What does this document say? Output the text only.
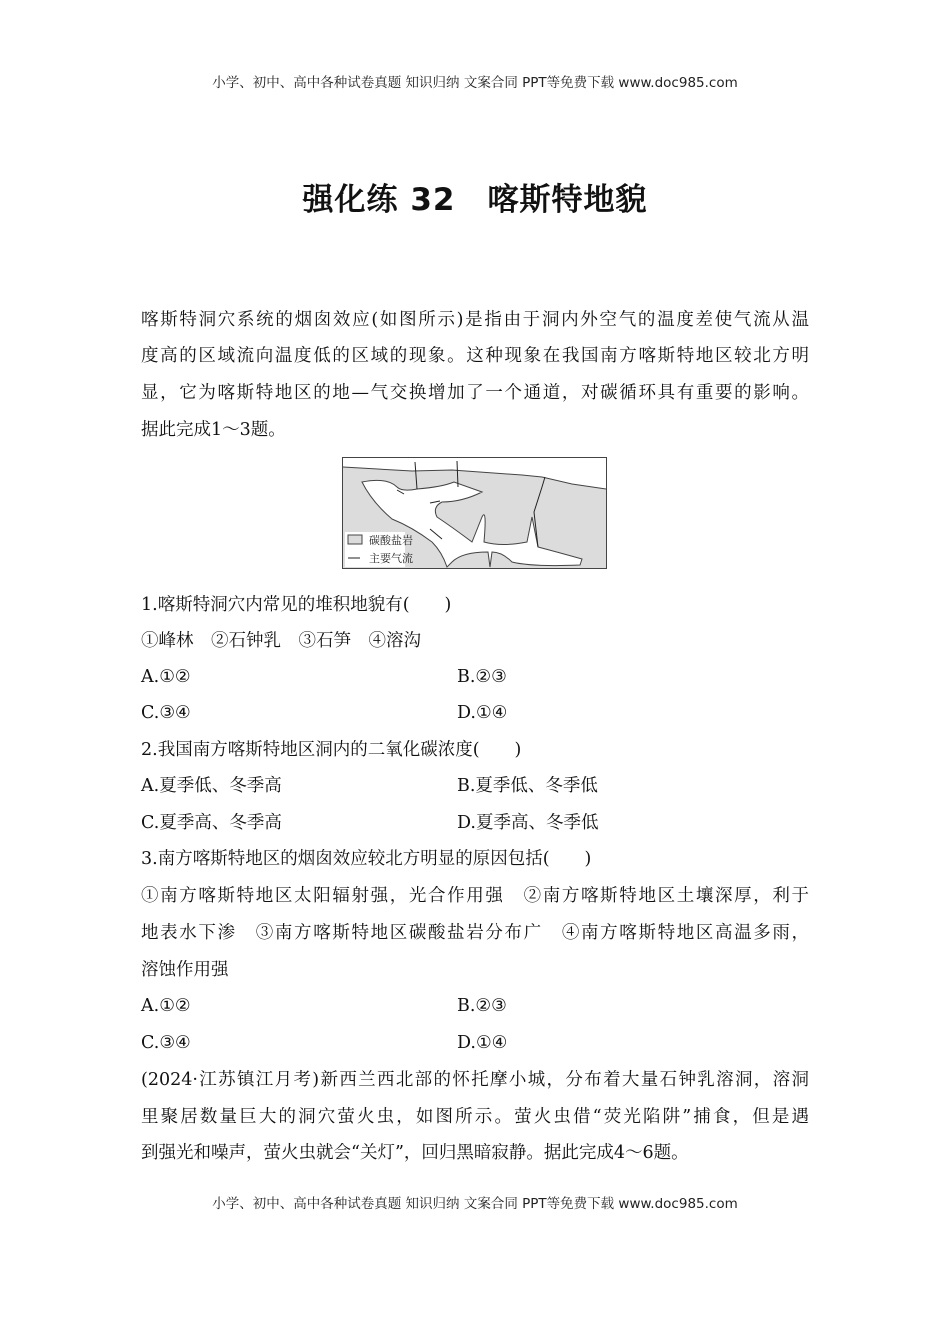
小学、初中、高中各种试卷真题 知识归纳 文案合同 PPT等免费下载 www.doc985.com
强化练 32　喀斯特地貌
喀斯特洞穴系统的烟囱效应(如图所示)是指由于洞内外空气的温度差使气流从温
度高的区域流向温度低的区域的现象。这种现象在我国南方喀斯特地区较北方明
显，它为喀斯特地区的地—气交换增加了一个通道，对碳循环具有重要的影响。
据此完成1～3题。
碳酸盐岩
主要气流
1.喀斯特洞穴内常见的堆积地貌有(　　)
①峰林　②石钟乳　③石笋　④溶沟
A.①②	B.②③
C.③④	D.①④
2.我国南方喀斯特地区洞内的二氧化碳浓度(　　)
A.夏季低、冬季高	B.夏季低、冬季低
C.夏季高、冬季高	D.夏季高、冬季低
3.南方喀斯特地区的烟囱效应较北方明显的原因包括(　　)
①南方喀斯特地区太阳辐射强，光合作用强　②南方喀斯特地区土壤深厚，利于
地表水下渗　③南方喀斯特地区碳酸盐岩分布广　④南方喀斯特地区高温多雨，
溶蚀作用强
A.①②	B.②③
C.③④	D.①④
(2024·江苏镇江月考)新西兰西北部的怀托摩小城，分布着大量石钟乳溶洞，溶洞
里聚居数量巨大的洞穴萤火虫，如图所示。萤火虫借“荧光陷阱”捕食，但是遇
到强光和噪声，萤火虫就会“关灯”，回归黑暗寂静。据此完成4～6题。
小学、初中、高中各种试卷真题 知识归纳 文案合同 PPT等免费下载 www.doc985.com
